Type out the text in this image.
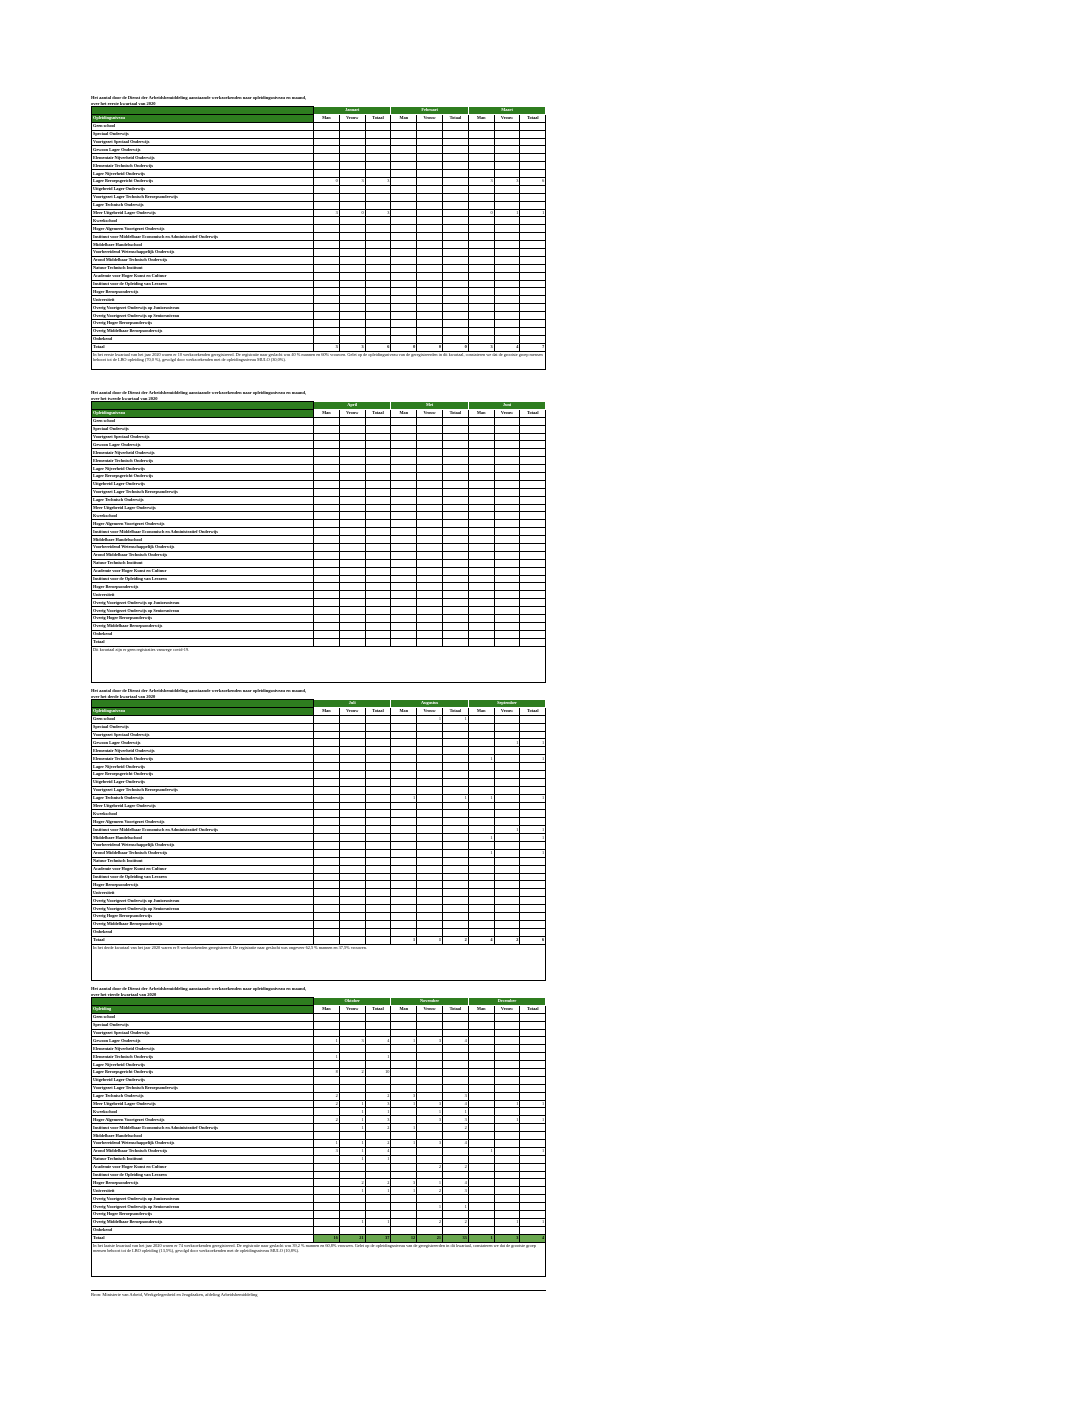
Het aantal door de Dienst der Arbeidsbemiddeling aanstaande werkzoekenden naar opleidingsniveau en maand,
over het eerste kwartaal van 2020
	Januari			Februari			Maart		
Opleidingsniveau	Man	Vrouw	Totaal	Man	Vrouw	Totaal	Man	Vrouw	Totaal
Geen school									
Speciaal Onderwijs									
Voortgezet Speciaal Onderwijs									
Gewoon Lager Onderwijs									
Elementair Nijverheid Onderwijs									
Elementair Technisch Onderwijs									
Lager Nijverheid Onderwijs									
Lager Beroepsgericht Onderwijs	0	3	3				3	3	6
Uitgebreid Lager Onderwijs									
Voortgezet Lager Technisch Beroepsonderwijs									
Lager Technisch Onderwijs									
Meer Uitgebreid Lager Onderwijs	3	0	3				0	1	1
Kweekschool									
Hoger Algemeen Voortgezet Onderwijs									
Instituut voor Middelbaar Economisch en Administratief Onderwijs									
Middelbare Handelsschool									
Voorbereidend Wetenschappelijk Onderwijs									
Avond Middelbaar Technisch Onderwijs									
Natuur Technisch Instituut									
Academie voor Hoger Kunst en Cultuur									
Instituut voor de Opleiding van Leraren									
Hoger Beroepsonderwijs									
Universiteit									
Overig Voortgezet Onderwijs op Juniorsniveau									
Overig Voortgezet Onderwijs op Seniorsniveau									
Overig Hoger Beroepsonderwijs									
Overig Middelbaar Beroepsonderwijs									
Onbekend									
Totaal	3	3	6	0	0	0	3	4	7
In het eerste kwartaal van het jaar 2020 waren er 10 werkzoekenden geregistreerd. De registratie naar geslacht was 40 % mannen en 60% vrouwen. Gelet op de opleidingsniveau van de geregistreerden in dit kwartaal, constateren we dat de grootste groep mensen behoort tot de LBO opleiding (70,0 %), gevolgd door werkzoekenden met de opleidingsniveau MULO (30,0%).
Het aantal door de Dienst der Arbeidsbemiddeling aanstaande werkzoekenden naar opleidingsniveau en maand,
over het tweede kwartaal van 2020
	April			Mei			Juni		
Opleidingsniveau	Man	Vrouw	Totaal	Man	Vrouw	Totaal	Man	Vrouw	Totaal
Geen school									
Speciaal Onderwijs									
Voortgezet Speciaal Onderwijs									
Gewoon Lager Onderwijs									
Elementair Nijverheid Onderwijs									
Elementair Technisch Onderwijs									
Lager Nijverheid Onderwijs									
Lager Beroepsgericht Onderwijs									
Uitgebreid Lager Onderwijs									
Voortgezet Lager Technisch Beroepsonderwijs									
Lager Technisch Onderwijs									
Meer Uitgebreid Lager Onderwijs									
Kweekschool									
Hoger Algemeen Voortgezet Onderwijs									
Instituut voor Middelbaar Economisch en Administratief Onderwijs									
Middelbare Handelsschool									
Voorbereidend Wetenschappelijk Onderwijs									
Avond Middelbaar Technisch Onderwijs									
Natuur Technisch Instituut									
Academie voor Hoger Kunst en Cultuur									
Instituut voor de Opleiding van Leraren									
Hoger Beroepsonderwijs									
Universiteit									
Overig Voortgezet Onderwijs op Juniorsniveau									
Overig Voortgezet Onderwijs op Seniorsniveau									
Overig Hoger Beroepsonderwijs									
Overig Middelbaar Beroepsonderwijs									
Onbekend									
Totaal									
Dit kwartaal zijn er geen registraties vanwege covid-19.
Het aantal door de Dienst der Arbeidsbemiddeling aanstaande werkzoekenden naar opleidingsniveau en maand,
over het derde kwartaal van 2020
	Juli			Augustus			September		
Opleidingsniveau	Man	Vrouw	Totaal	Man	Vrouw	Totaal	Man	Vrouw	Totaal
Geen school					1	1			
Speciaal Onderwijs									
Voortgezet Speciaal Onderwijs									
Gewoon Lager Onderwijs								1	1
Elementair Nijverheid Onderwijs									
Elementair Technisch Onderwijs							1		1
Lager Nijverheid Onderwijs									
Lager Beroepsgericht Onderwijs									
Uitgebreid Lager Onderwijs									
Voortgezet Lager Technisch Beroepsonderwijs									
Lager Technisch Onderwijs				1		1	1		1
Meer Uitgebreid Lager Onderwijs									
Kweekschool									
Hoger Algemeen Voortgezet Onderwijs									
Instituut voor Middelbaar Economisch en Administratief Onderwijs								1	1
Middelbare Handelsschool							1		1
Voorbereidend Wetenschappelijk Onderwijs									
Avond Middelbaar Technisch Onderwijs							1		1
Natuur Technisch Instituut									
Academie voor Hoger Kunst en Cultuur									
Instituut voor de Opleiding van Leraren									
Hoger Beroepsonderwijs									
Universiteit									
Overig Voortgezet Onderwijs op Juniorsniveau									
Overig Voortgezet Onderwijs op Seniorsniveau									
Overig Hoger Beroepsonderwijs									
Overig Middelbaar Beroepsonderwijs									
Onbekend									
Totaal				1	1	2	4	2	6
In het derde kwartaal van het jaar 2020 waren er 8 werkzoekenden geregistreerd. De registratie naar geslacht was ongeveer 62,5 % mannen en 37,5% vrouwen.
Het aantal door de Dienst der Arbeidsbemiddeling aanstaande werkzoekenden naar opleidingsniveau en maand,
over het vierde kwartaal van 2020
	Oktober			November			December		
Opleiding	Man	Vrouw	Totaal	Man	Vrouw	Totaal	Man	Vrouw	Totaal
Geen school									
Speciaal Onderwijs									
Voortgezet Speciaal Onderwijs									
Gewoon Lager Onderwijs	1	3	4	1	3	4			
Elementair Nijverheid Onderwijs									
Elementair Technisch Onderwijs	1		1						
Lager Nijverheid Onderwijs									
Lager Beroepsgericht Onderwijs	8	2	10						
Uitgebreid Lager Onderwijs									
Voortgezet Lager Technisch Beroepsonderwijs									
Lager Technisch Onderwijs	2		2	3		3			
Meer Uitgebreid Lager Onderwijs	2	1	3	1	3	4		1	1
Kweekschool		1	1		1	1			
Hoger Algemeen Voortgezet Onderwijs	2	1	3		3	3		1	1
Instituut voor Middelbaar Economisch en Administratief Onderwijs		1	2	1		2			
Middelbare Handelsschool									
Voorbereidend Wetenschappelijk Onderwijs	1	1	2	1	3	4			
Avond Middelbaar Technisch Onderwijs	3	1	4				1		1
Natuur Technisch Instituut		1	1						
Academie voor Hoger Kunst en Cultuur					2	2			
Instituut voor de Opleiding van Leraren									
Hoger Beroepsonderwijs		2	2	3	1	4			
Universiteit		1	1	1	2	3			
Overig Voortgezet Onderwijs op Juniorsniveau									
Overig Voortgezet Onderwijs op Seniorsniveau					1	1			
Overig Hoger Beroepsonderwijs									
Overig Middelbaar Beroepsonderwijs		1	1		2	2		1	1
Onbekend									
Totaal	16	21	37	12	21	33	1	3	4
In het laatste kwartaal van het jaar 2020 waren er 74 werkzoekenden geregistreerd. De registratie naar geslacht was 39,2 % mannen en 60,8% vrouwen. Gelet op de opleidingsniveau van de geregistreerden in dit kwartaal, constateren we dat de grootste groep mensen behoort tot de LBO opleiding (13,5%), gevolgd door werkzoekenden met de opleidingsniveau MULO (10,8%).
Bron: Ministerie van Arbeid, Werkgelegenheid en Jeugdzaken, afdeling Arbeidsbemiddeling
